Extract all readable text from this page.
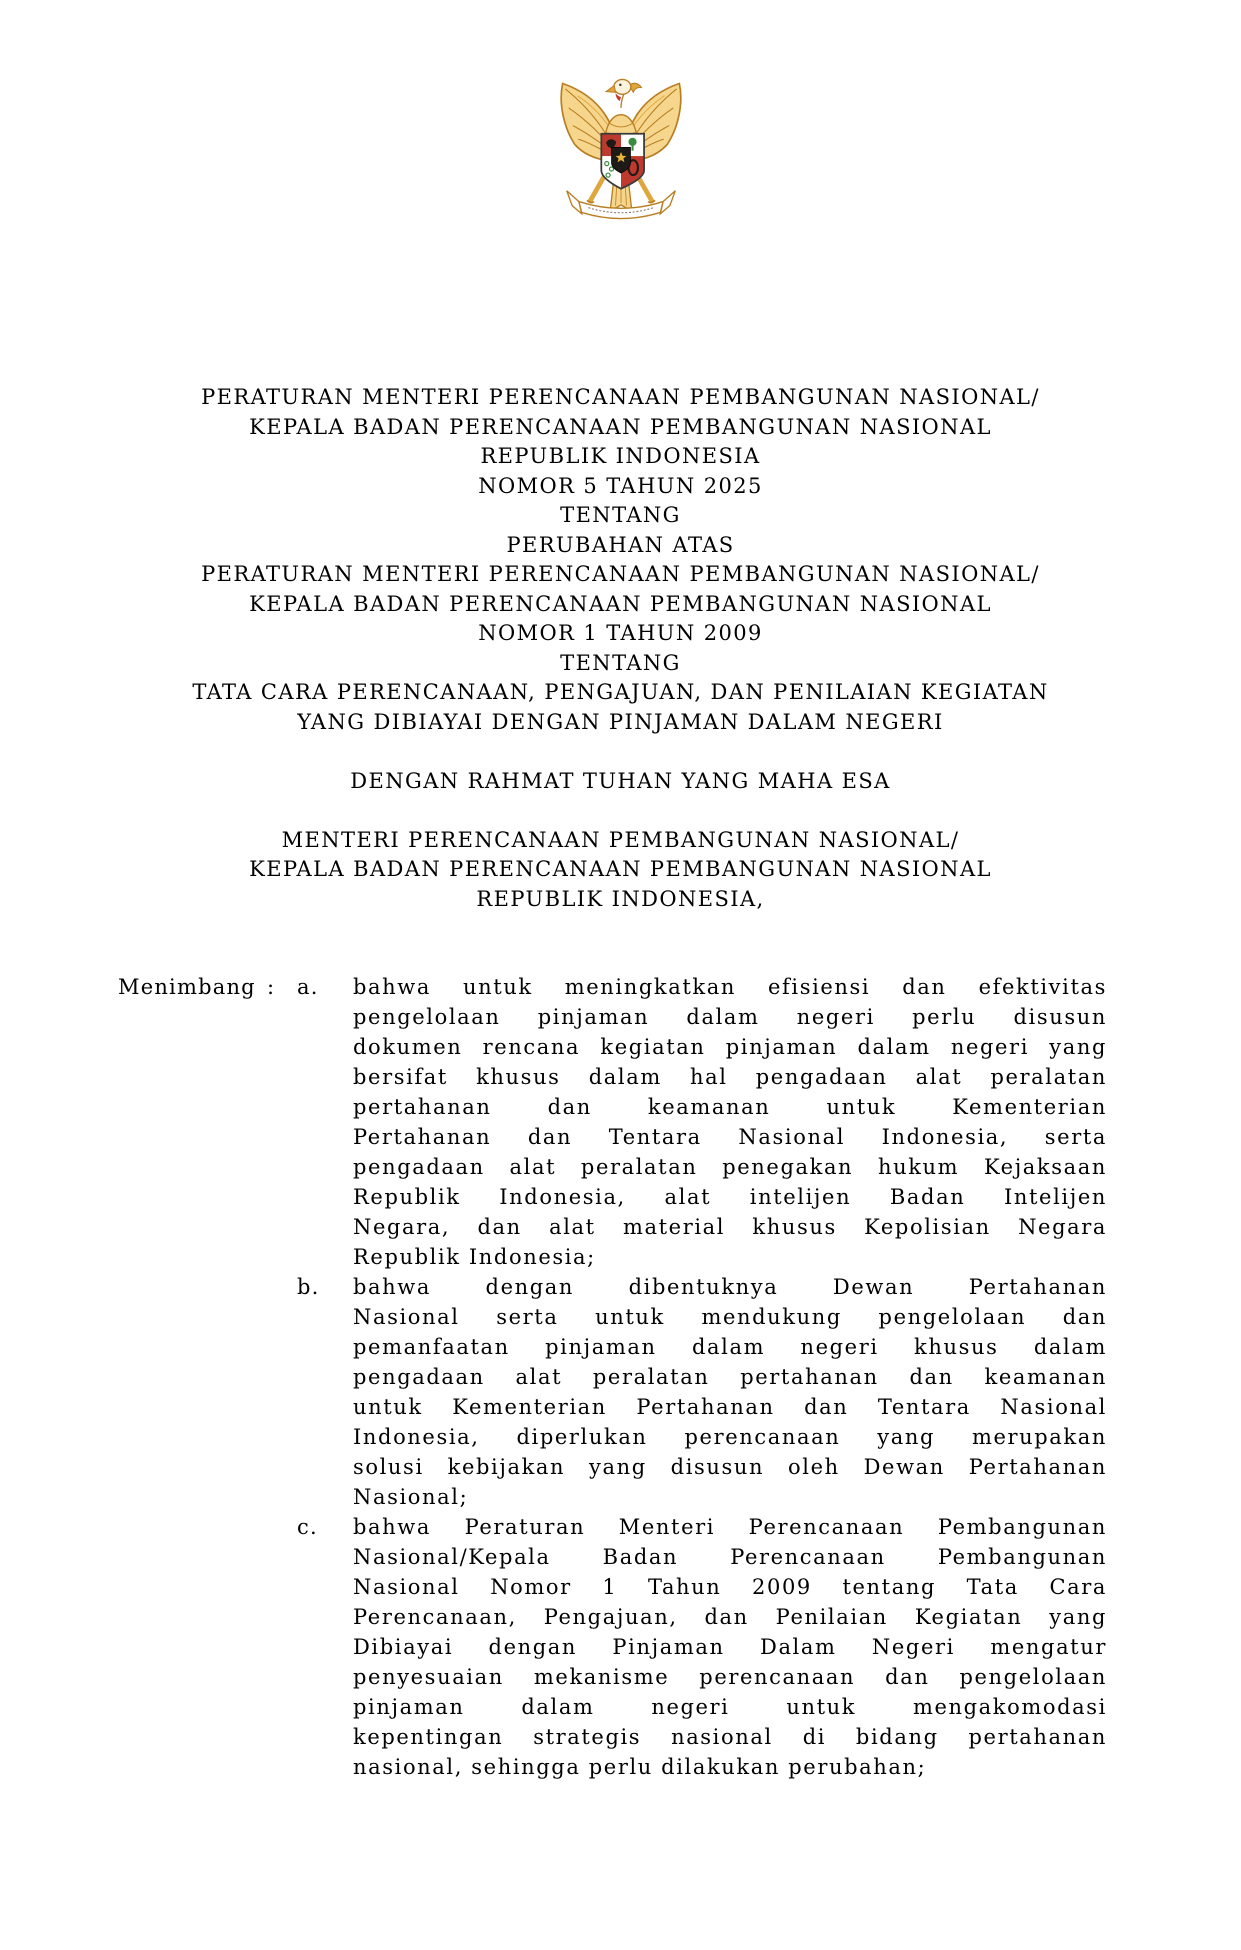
PERATURAN MENTERI PERENCANAAN PEMBANGUNAN NASIONAL/
KEPALA BADAN PERENCANAAN PEMBANGUNAN NASIONAL
REPUBLIK INDONESIA
NOMOR 5 TAHUN 2025
TENTANG
PERUBAHAN ATAS
PERATURAN MENTERI PERENCANAAN PEMBANGUNAN NASIONAL/
KEPALA BADAN PERENCANAAN PEMBANGUNAN NASIONAL
NOMOR 1 TAHUN 2009
TENTANG
TATA CARA PERENCANAAN, PENGAJUAN, DAN PENILAIAN KEGIATAN
YANG DIBIAYAI DENGAN PINJAMAN DALAM NEGERI
DENGAN RAHMAT TUHAN YANG MAHA ESA
MENTERI PERENCANAAN PEMBANGUNAN NASIONAL/
KEPALA BADAN PERENCANAAN PEMBANGUNAN NASIONAL
REPUBLIK INDONESIA,
Menimbang :	a.	bahwa untuk meningkatkan efisiensi dan efektivitas
pengelolaan pinjaman dalam negeri perlu disusun
dokumen rencana kegiatan pinjaman dalam negeri yang
bersifat khusus dalam hal pengadaan alat peralatan
pertahanan dan keamanan untuk Kementerian
Pertahanan dan Tentara Nasional Indonesia, serta
pengadaan alat peralatan penegakan hukum Kejaksaan
Republik Indonesia, alat intelijen Badan Intelijen
Negara, dan alat material khusus Kepolisian Negara
Republik Indonesia;
b.	bahwa dengan dibentuknya Dewan Pertahanan
Nasional serta untuk mendukung pengelolaan dan
pemanfaatan pinjaman dalam negeri khusus dalam
pengadaan alat peralatan pertahanan dan keamanan
untuk Kementerian Pertahanan dan Tentara Nasional
Indonesia, diperlukan perencanaan yang merupakan
solusi kebijakan yang disusun oleh Dewan Pertahanan
Nasional;
c.	bahwa Peraturan Menteri Perencanaan Pembangunan
Nasional/Kepala Badan Perencanaan Pembangunan
Nasional Nomor 1 Tahun 2009 tentang Tata Cara
Perencanaan, Pengajuan, dan Penilaian Kegiatan yang
Dibiayai dengan Pinjaman Dalam Negeri mengatur
penyesuaian mekanisme perencanaan dan pengelolaan
pinjaman dalam negeri untuk mengakomodasi
kepentingan strategis nasional di bidang pertahanan
nasional, sehingga perlu dilakukan perubahan;
